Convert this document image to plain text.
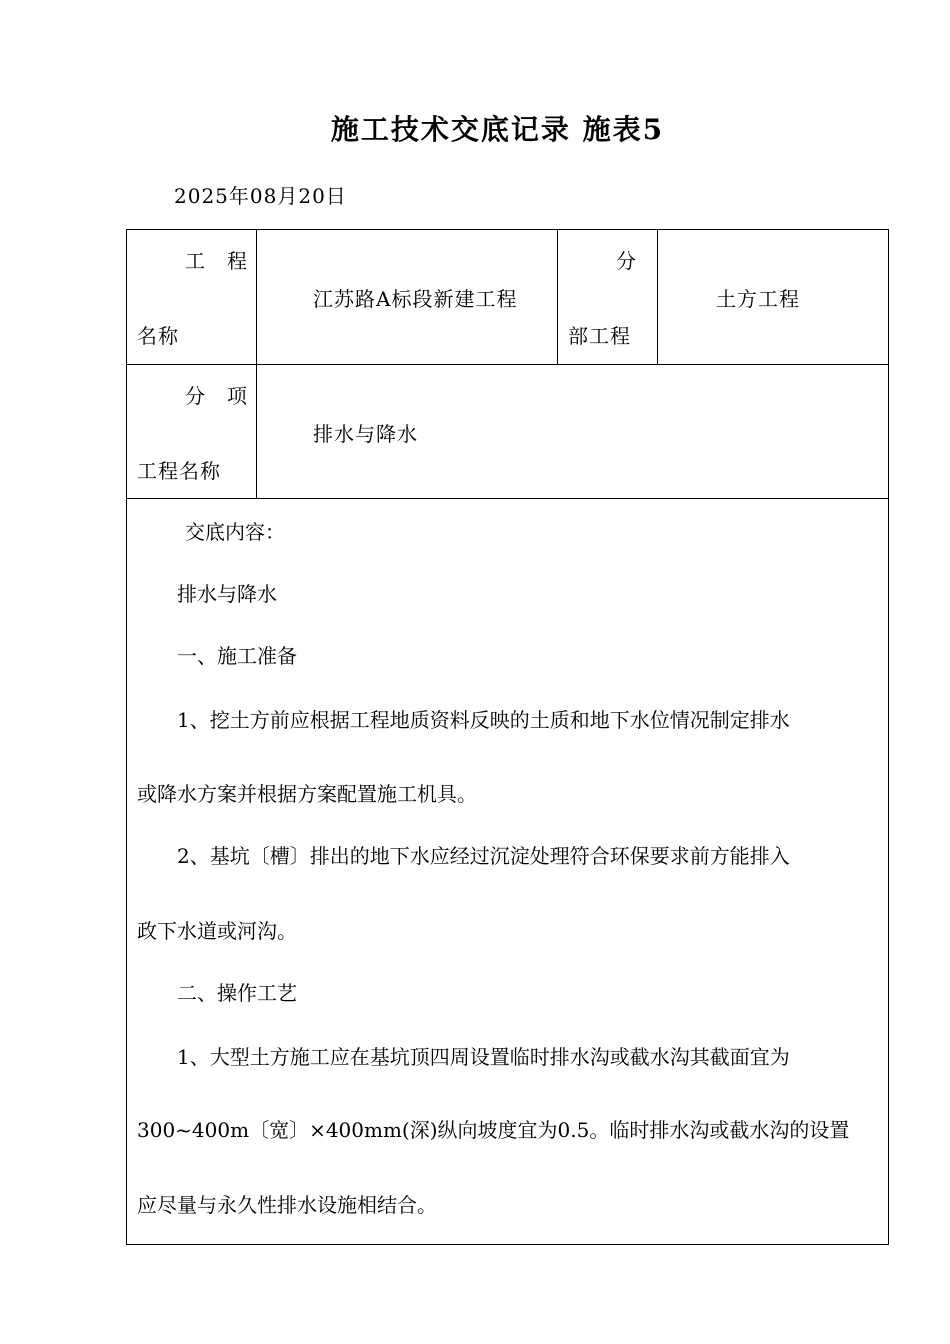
施工技术交底记录 施表5
2025年08月20日
工　程
名称
江苏路A标段新建工程
分
部工程
土方工程
分　项
工程名称
排水与降水
交底内容：
　　排水与降水
　　一、施工准备
　　1、挖土方前应根据工程地质资料反映的土质和地下水位情况制定排水
或降水方案并根据方案配置施工机具。
　　2、基坑〔槽〕排出的地下水应经过沉淀处理符合环保要求前方能排入
政下水道或河沟。
　　二、操作工艺
　　1、大型土方施工应在基坑顶四周设置临时排水沟或截水沟其截面宜为
300~400m〔宽〕×400mm(深)纵向坡度宜为0.5。临时排水沟或截水沟的设置
应尽量与永久性排水设施相结合。
